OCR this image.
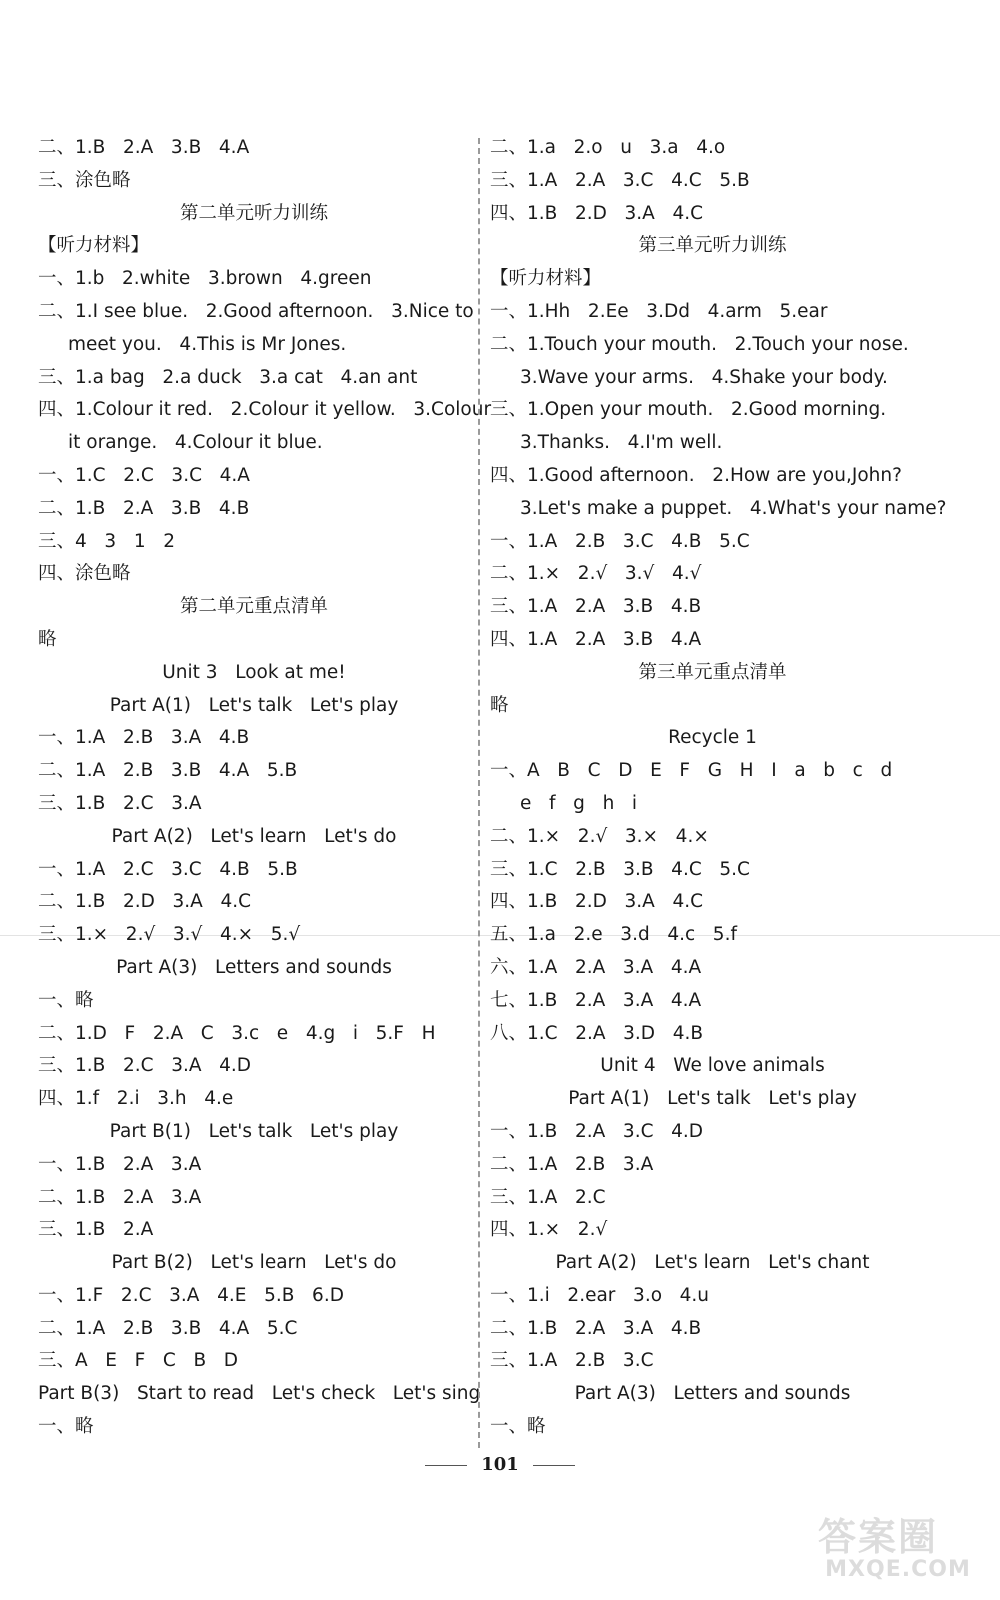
二、1.B   2.A   3.B   4.A
三、涂色略
第二单元听力训练
【听力材料】
一、1.b   2.white   3.brown   4.green
二、1.I see blue.   2.Good afternoon.   3.Nice to
meet you.   4.This is Mr Jones.
三、1.a bag   2.a duck   3.a cat   4.an ant
四、1.Colour it red.   2.Colour it yellow.   3.Colour
it orange.   4.Colour it blue.
一、1.C   2.C   3.C   4.A
二、1.B   2.A   3.B   4.B
三、4   3   1   2
四、涂色略
第二单元重点清单
略
Unit 3   Look at me!
Part A(1)   Let's talk   Let's play
一、1.A   2.B   3.A   4.B
二、1.A   2.B   3.B   4.A   5.B
三、1.B   2.C   3.A
Part A(2)   Let's learn   Let's do
一、1.A   2.C   3.C   4.B   5.B
二、1.B   2.D   3.A   4.C
三、1.×   2.√   3.√   4.×   5.√
Part A(3)   Letters and sounds
一、略
二、1.D   F   2.A   C   3.c   e   4.g   i   5.F   H
三、1.B   2.C   3.A   4.D
四、1.f   2.i   3.h   4.e
Part B(1)   Let's talk   Let's play
一、1.B   2.A   3.A
二、1.B   2.A   3.A
三、1.B   2.A
Part B(2)   Let's learn   Let's do
一、1.F   2.C   3.A   4.E   5.B   6.D
二、1.A   2.B   3.B   4.A   5.C
三、A   E   F   C   B   D
Part B(3)   Start to read   Let's check   Let's sing
一、略
二、1.a   2.o   u   3.a   4.o
三、1.A   2.A   3.C   4.C   5.B
四、1.B   2.D   3.A   4.C
第三单元听力训练
【听力材料】
一、1.Hh   2.Ee   3.Dd   4.arm   5.ear
二、1.Touch your mouth.   2.Touch your nose.
3.Wave your arms.   4.Shake your body.
三、1.Open your mouth.   2.Good morning.
3.Thanks.   4.I'm well.
四、1.Good afternoon.   2.How are you,John?
3.Let's make a puppet.   4.What's your name?
一、1.A   2.B   3.C   4.B   5.C
二、1.×   2.√   3.√   4.√
三、1.A   2.A   3.B   4.B
四、1.A   2.A   3.B   4.A
第三单元重点清单
略
Recycle 1
一、A   B   C   D   E   F   G   H   I   a   b   c   d
e   f   g   h   i
二、1.×   2.√   3.×   4.×
三、1.C   2.B   3.B   4.C   5.C
四、1.B   2.D   3.A   4.C
五、1.a   2.e   3.d   4.c   5.f
六、1.A   2.A   3.A   4.A
七、1.B   2.A   3.A   4.A
八、1.C   2.A   3.D   4.B
Unit 4   We love animals
Part A(1)   Let's talk   Let's play
一、1.B   2.A   3.C   4.D
二、1.A   2.B   3.A
三、1.A   2.C
四、1.×   2.√
Part A(2)   Let's learn   Let's chant
一、1.i   2.ear   3.o   4.u
二、1.B   2.A   3.A   4.B
三、1.A   2.B   3.C
Part A(3)   Letters and sounds
一、略
101
答案圈
MXQE.COM
